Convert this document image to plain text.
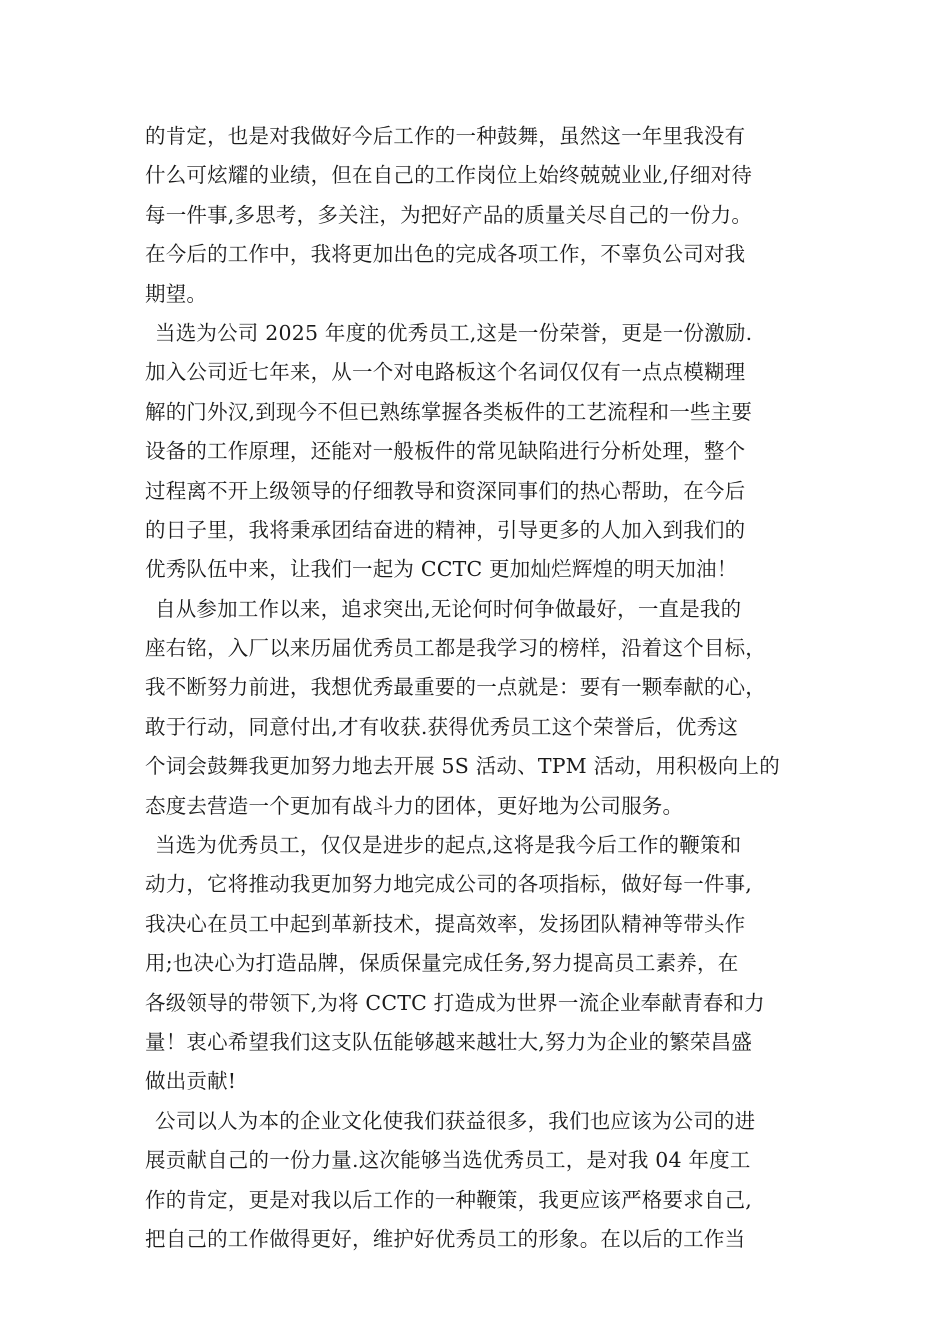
的肯定，也是对我做好今后工作的一种鼓舞，虽然这一年里我没有
什么可炫耀的业绩，但在自己的工作岗位上始终兢兢业业,仔细对待
每一件事,多思考，多关注，为把好产品的质量关尽自己的一份力。
在今后的工作中，我将更加出色的完成各项工作，不辜负公司对我
期望。
当选为公司 2025 年度的优秀员工,这是一份荣誉，更是一份激励.
加入公司近七年来，从一个对电路板这个名词仅仅有一点点模糊理
解的门外汉,到现今不但已熟练掌握各类板件的工艺流程和一些主要
设备的工作原理，还能对一般板件的常见缺陷进行分析处理，整个
过程离不开上级领导的仔细教导和资深同事们的热心帮助，在今后
的日子里，我将秉承团结奋进的精神，引导更多的人加入到我们的
优秀队伍中来，让我们一起为 CCTC 更加灿烂辉煌的明天加油！
自从参加工作以来，追求突出,无论何时何争做最好，一直是我的
座右铭，入厂以来历届优秀员工都是我学习的榜样，沿着这个目标，
我不断努力前进，我想优秀最重要的一点就是：要有一颗奉献的心，
敢于行动，同意付出,才有收获.获得优秀员工这个荣誉后，优秀这
个词会鼓舞我更加努力地去开展 5S 活动、TPM 活动，用积极向上的
态度去营造一个更加有战斗力的团体，更好地为公司服务。
当选为优秀员工，仅仅是进步的起点,这将是我今后工作的鞭策和
动力，它将推动我更加努力地完成公司的各项指标，做好每一件事,
我决心在员工中起到革新技术，提高效率，发扬团队精神等带头作
用;也决心为打造品牌，保质保量完成任务,努力提高员工素养，在
各级领导的带领下,为将 CCTC 打造成为世界一流企业奉献青春和力
量！衷心希望我们这支队伍能够越来越壮大,努力为企业的繁荣昌盛
做出贡献!
公司以人为本的企业文化使我们获益很多，我们也应该为公司的进
展贡献自己的一份力量.这次能够当选优秀员工，是对我 04 年度工
作的肯定，更是对我以后工作的一种鞭策，我更应该严格要求自己,
把自己的工作做得更好，维护好优秀员工的形象。在以后的工作当
